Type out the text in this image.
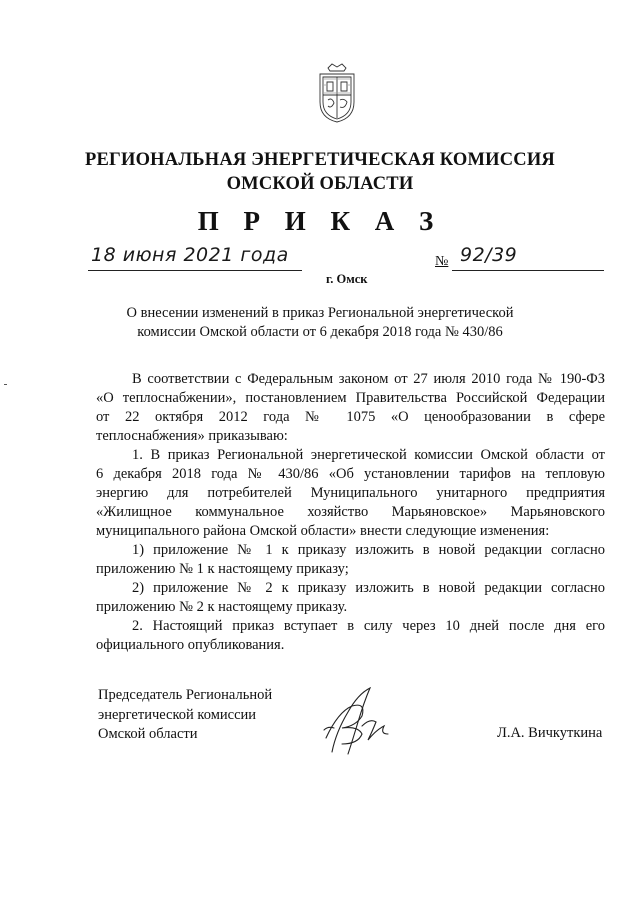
РЕГИОНАЛЬНАЯ ЭНЕРГЕТИЧЕСКАЯ КОМИССИЯ
ОМСКОЙ ОБЛАСТИ
П Р И К А З
18 июня 2021 года
г. Омск
№ 92/39
О внесении изменений в приказ Региональной энергетической
комиссии Омской области от 6 декабря 2018 года № 430/86

В соответствии с Федеральным законом от 27 июля 2010 года № 190-ФЗ

«О теплоснабжении», постановлением Правительства Российской Федерации

от 22 октября 2012 года № 1075 «О ценообразовании в сфере

теплоснабжения» приказываю:

1. В приказ Региональной энергетической комиссии Омской области от

6 декабря 2018 года № 430/86 «Об установлении тарифов на тепловую

энергию для потребителей Муниципального унитарного предприятия

«Жилищное коммунальное хозяйство Марьяновское» Марьяновского

муниципального района Омской области» внести следующие изменения:

1) приложение № 1 к приказу изложить в новой редакции согласно

приложению № 1 к настоящему приказу;

2) приложение № 2 к приказу изложить в новой редакции согласно

приложению № 2 к настоящему приказу.

2. Настоящий приказ вступает в силу через 10 дней после дня его

официального опубликования.

Председатель Региональной
энергетической комиссии
Омской области	Л.А. Вичкуткина
